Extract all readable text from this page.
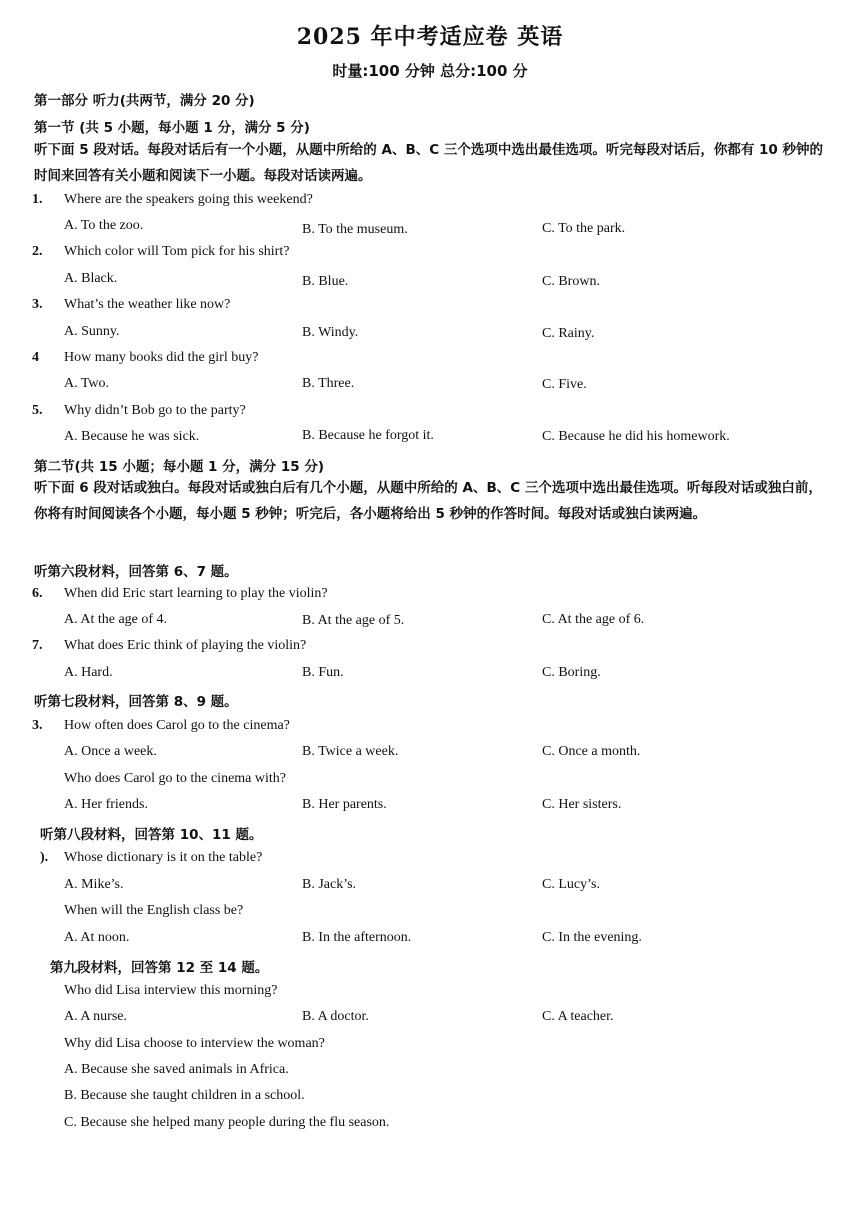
2025 年中考适应卷 英语
时量:100 分钟 总分:100 分
第一部分 听力(共两节，满分 20 分)
第一节 (共 5 小题，每小题 1 分，满分 5 分)
听下面 5 段对话。每段对话后有一个小题，从题中所给的 A、B、C 三个选项中选出最佳选项。听完每段对话后，你都有 10 秒钟的时间来回答有关小题和阅读下一小题。每段对话读两遍。
1. Where are the speakers going this weekend?
A. To the zoo.	B. To the museum.	C. To the park.
2. Which color will Tom pick for his shirt?
A. Black.	B. Blue.	C. Brown.
3. What’s the weather like now?
A. Sunny.	B. Windy.	C. Rainy.
4 How many books did the girl buy?
A. Two.	B. Three.	C. Five.
5. Why didn’t Bob go to the party?
A. Because he was sick.	B. Because he forgot it.	C. Because he did his homework.
第二节(共 15 小题；每小题 1 分，满分 15 分)
听下面 6 段对话或独白。每段对话或独白后有几个小题，从题中所给的 A、B、C 三个选项中选出最佳选项。听每段对话或独白前，你将有时间阅读各个小题，每小题 5 秒钟；听完后，各小题将给出 5 秒钟的作答时间。每段对话或独白读两遍。
听第六段材料，回答第 6、7 题。
6. When did Eric start learning to play the violin?
A. At the age of 4.	B. At the age of 5.	C. At the age of 6.
7. What does Eric think of playing the violin?
A. Hard.	B. Fun.	C. Boring.
听第七段材料，回答第 8、9 题。
3. How often does Carol go to the cinema?
A. Once a week.	B. Twice a week.	C. Once a month.
Who does Carol go to the cinema with?
A. Her friends.	B. Her parents.	C. Her sisters.
听第八段材料，回答第 10、11 题。
). Whose dictionary is it on the table?
A. Mike’s.	B. Jack’s.	C. Lucy’s.
When will the English class be?
A. At noon.	B. In the afternoon.	C. In the evening.
第九段材料，回答第 12 至 14 题。
Who did Lisa interview this morning?
A. A nurse.	B. A doctor.	C. A teacher.
Why did Lisa choose to interview the woman?
A. Because she saved animals in Africa.
B. Because she taught children in a school.
C. Because she helped many people during the flu season.
